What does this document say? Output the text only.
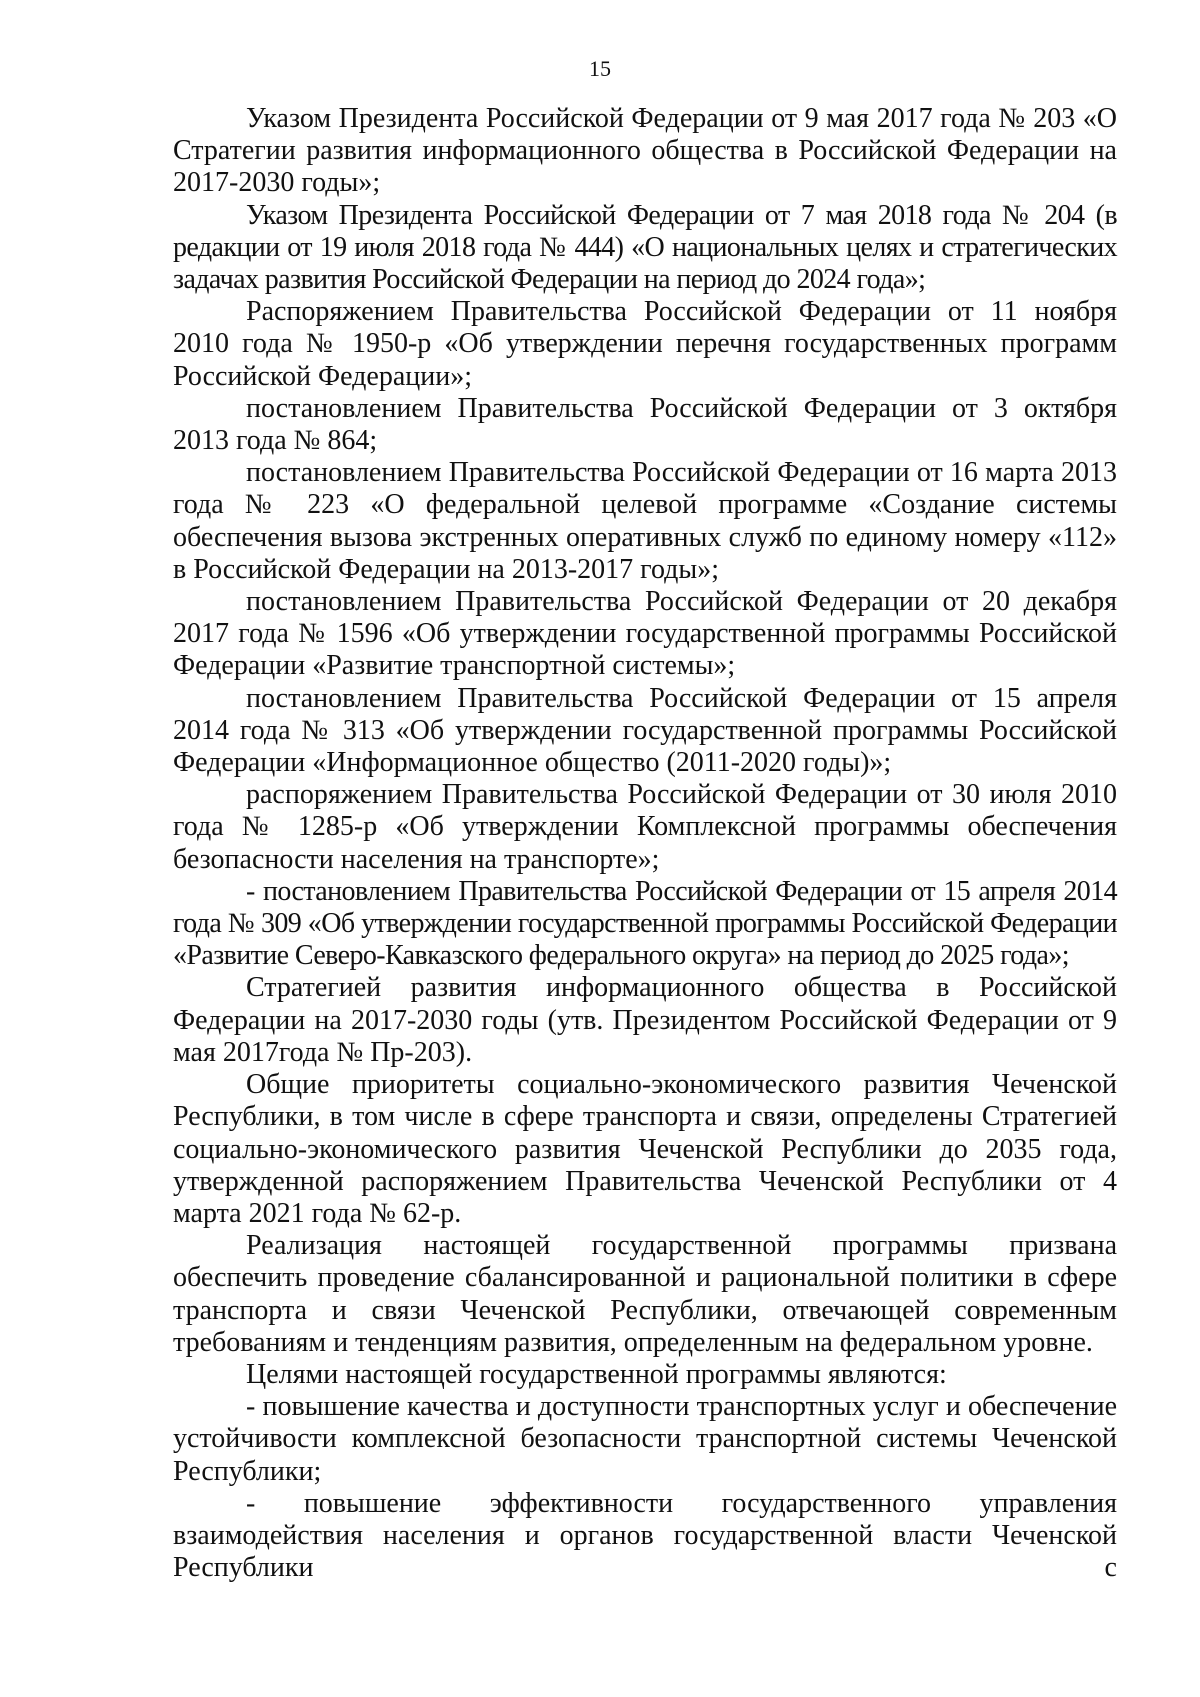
15

Указом Президента Российской Федерации от 9 мая 2017 года № 203 «О Стратегии развития информационного общества в Российской Федерации на 2017-2030 годы»;

Указом Президента Российской Федерации от 7 мая 2018 года № 204 (в редакции от 19 июля 2018 года № 444) «О национальных целях и стратегических задачах развития Российской Федерации на период до 2024 года»;

Распоряжением Правительства Российской Федерации от 11 ноября 2010 года № 1950-р «Об утверждении перечня государственных программ Российской Федерации»;

постановлением Правительства Российской Федерации от 3 октября 2013 года № 864;

постановлением Правительства Российской Федерации от 16 марта 2013 года № 223 «О федеральной целевой программе «Создание системы обеспечения вызова экстренных оперативных служб по единому номеру «112» в Российской Федерации на 2013-2017 годы»;

постановлением Правительства Российской Федерации от 20 декабря 2017 года № 1596 «Об утверждении государственной программы Российской Федерации «Развитие транспортной системы»;

постановлением Правительства Российской Федерации от 15 апреля 2014 года № 313 «Об утверждении государственной программы Российской Федерации «Информационное общество (2011-2020 годы)»;

распоряжением Правительства Российской Федерации от 30 июля 2010 года № 1285-р «Об утверждении Комплексной программы обеспечения безопасности населения на транспорте»;

- постановлением Правительства Российской Федерации от 15 апреля 2014 года № 309 «Об утверждении государственной программы Российской Федерации «Развитие Северо-Кавказского федерального округа» на период до 2025 года»;

Стратегией развития информационного общества в Российской Федерации на 2017-2030 годы (утв. Президентом Российской Федерации от 9 мая 2017года № Пр-203).

Общие приоритеты социально-экономического развития Чеченской Республики, в том числе в сфере транспорта и связи, определены Стратегией социально-экономического развития Чеченской Республики до 2035 года, утвержденной распоряжением Правительства Чеченской Республики от 4 марта 2021 года № 62-р.

Реализация настоящей государственной программы призвана обеспечить проведение сбалансированной и рациональной политики в сфере транспорта и связи Чеченской Республики, отвечающей современным требованиям и тенденциям развития, определенным на федеральном уровне.

Целями настоящей государственной программы являются:

- повышение качества и доступности транспортных услуг и обеспечение устойчивости комплексной безопасности транспортной системы Чеченской Республики;

- повышение эффективности государственного управления взаимодействия населения и органов государственной власти Чеченской Республики с
